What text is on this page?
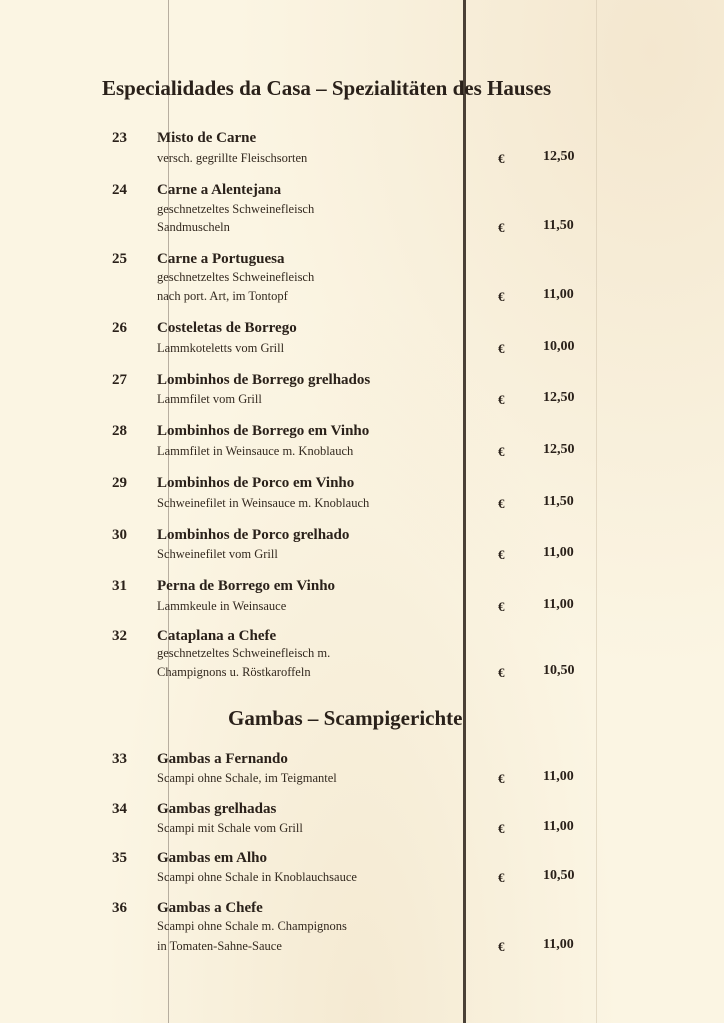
Especialidades da Casa – Spezialitäten des Hauses
23 Misto de Carne
versch. gegrillte Fleischsorten	€	12,50
24 Carne a Alentejana
geschnetzeltes Schweinefleisch
Sandmuscheln	€	11,50
25 Carne a Portuguesa
geschnetzeltes Schweinefleisch
nach port. Art, im Tontopf	€	11,00
26 Costeletas de Borrego
Lammkoteletts vom Grill	€	10,00
27 Lombinhos de Borrego grelhados
Lammfilet vom Grill	€	12,50
28 Lombinhos de Borrego em Vinho
Lammfilet in Weinsauce m. Knoblauch	€	12,50
29 Lombinhos de Porco em Vinho
Schweinefilet in Weinsauce m. Knoblauch	€	11,50
30 Lombinhos de Porco grelhado
Schweinefilet vom Grill	€	11,00
31 Perna de Borrego em Vinho
Lammkeule in Weinsauce	€	11,00
32 Cataplana a Chefe
geschnetzeltes Schweinefleisch m.
Champignons u. Röstkaroffeln	€	10,50
Gambas – Scampigerichte
33 Gambas a Fernando
Scampi ohne Schale, im Teigmantel	€	11,00
34 Gambas grelhadas
Scampi mit Schale vom Grill	€	11,00
35 Gambas em Alho
Scampi ohne Schale in Knoblauchsauce	€	10,50
36 Gambas a Chefe
Scampi ohne Schale m. Champignons
in Tomaten-Sahne-Sauce	€	11,00
